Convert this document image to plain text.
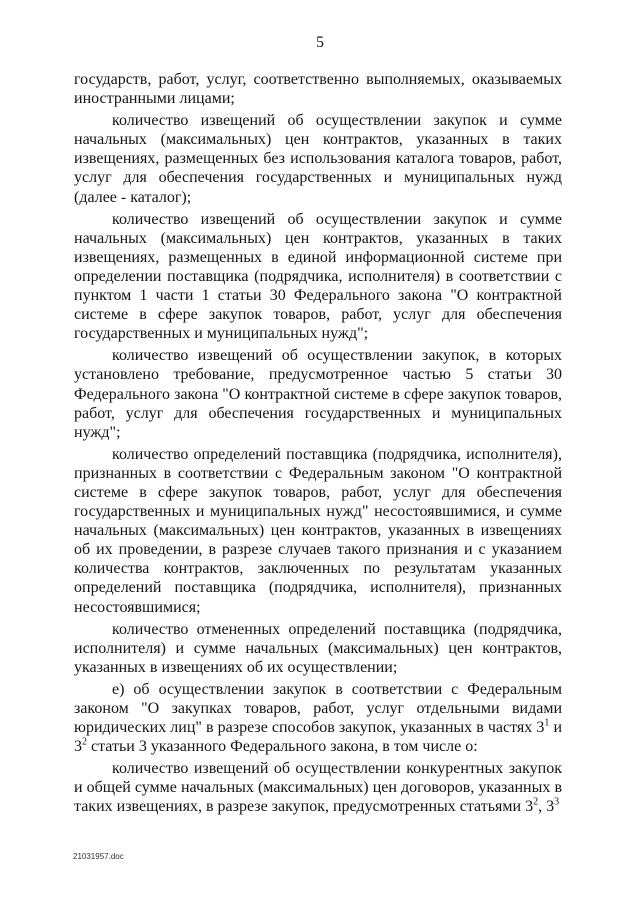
5

государств, работ, услуг, соответственно выполняемых, оказываемых иностранными лицами;

количество извещений об осуществлении закупок и сумме начальных (максимальных) цен контрактов, указанных в таких извещениях, размещенных без использования каталога товаров, работ, услуг для обеспечения государственных и муниципальных нужд (далее - каталог);

количество извещений об осуществлении закупок и сумме начальных (максимальных) цен контрактов, указанных в таких извещениях, размещенных в единой информационной системе при определении поставщика (подрядчика, исполнителя) в соответствии с пунктом 1 части 1 статьи 30 Федерального закона "О контрактной системе в сфере закупок товаров, работ, услуг для обеспечения государственных и муниципальных нужд";

количество извещений об осуществлении закупок, в которых установлено требование, предусмотренное частью 5 статьи 30 Федерального закона "О контрактной системе в сфере закупок товаров, работ, услуг для обеспечения государственных и муниципальных нужд";

количество определений поставщика (подрядчика, исполнителя), признанных в соответствии с Федеральным законом "О контрактной системе в сфере закупок товаров, работ, услуг для обеспечения государственных и муниципальных нужд" несостоявшимися, и сумме начальных (максимальных) цен контрактов, указанных в извещениях об их проведении, в разрезе случаев такого признания и с указанием количества контрактов, заключенных по результатам указанных определений поставщика (подрядчика, исполнителя), признанных несостоявшимися;

количество отмененных определений поставщика (подрядчика, исполнителя) и сумме начальных (максимальных) цен контрактов, указанных в извещениях об их осуществлении;

е) об осуществлении закупок в соответствии с Федеральным законом "О закупках товаров, работ, услуг отдельными видами юридических лиц" в разрезе способов закупок, указанных в частях $3^1$ и $3^2$ статьи 3 указанного Федерального закона, в том числе о:

количество извещений об осуществлении конкурентных закупок и общей сумме начальных (максимальных) цен договоров, указанных в таких извещениях, в разрезе закупок, предусмотренных статьями $3^2$, $3^3$

21031957.doc
